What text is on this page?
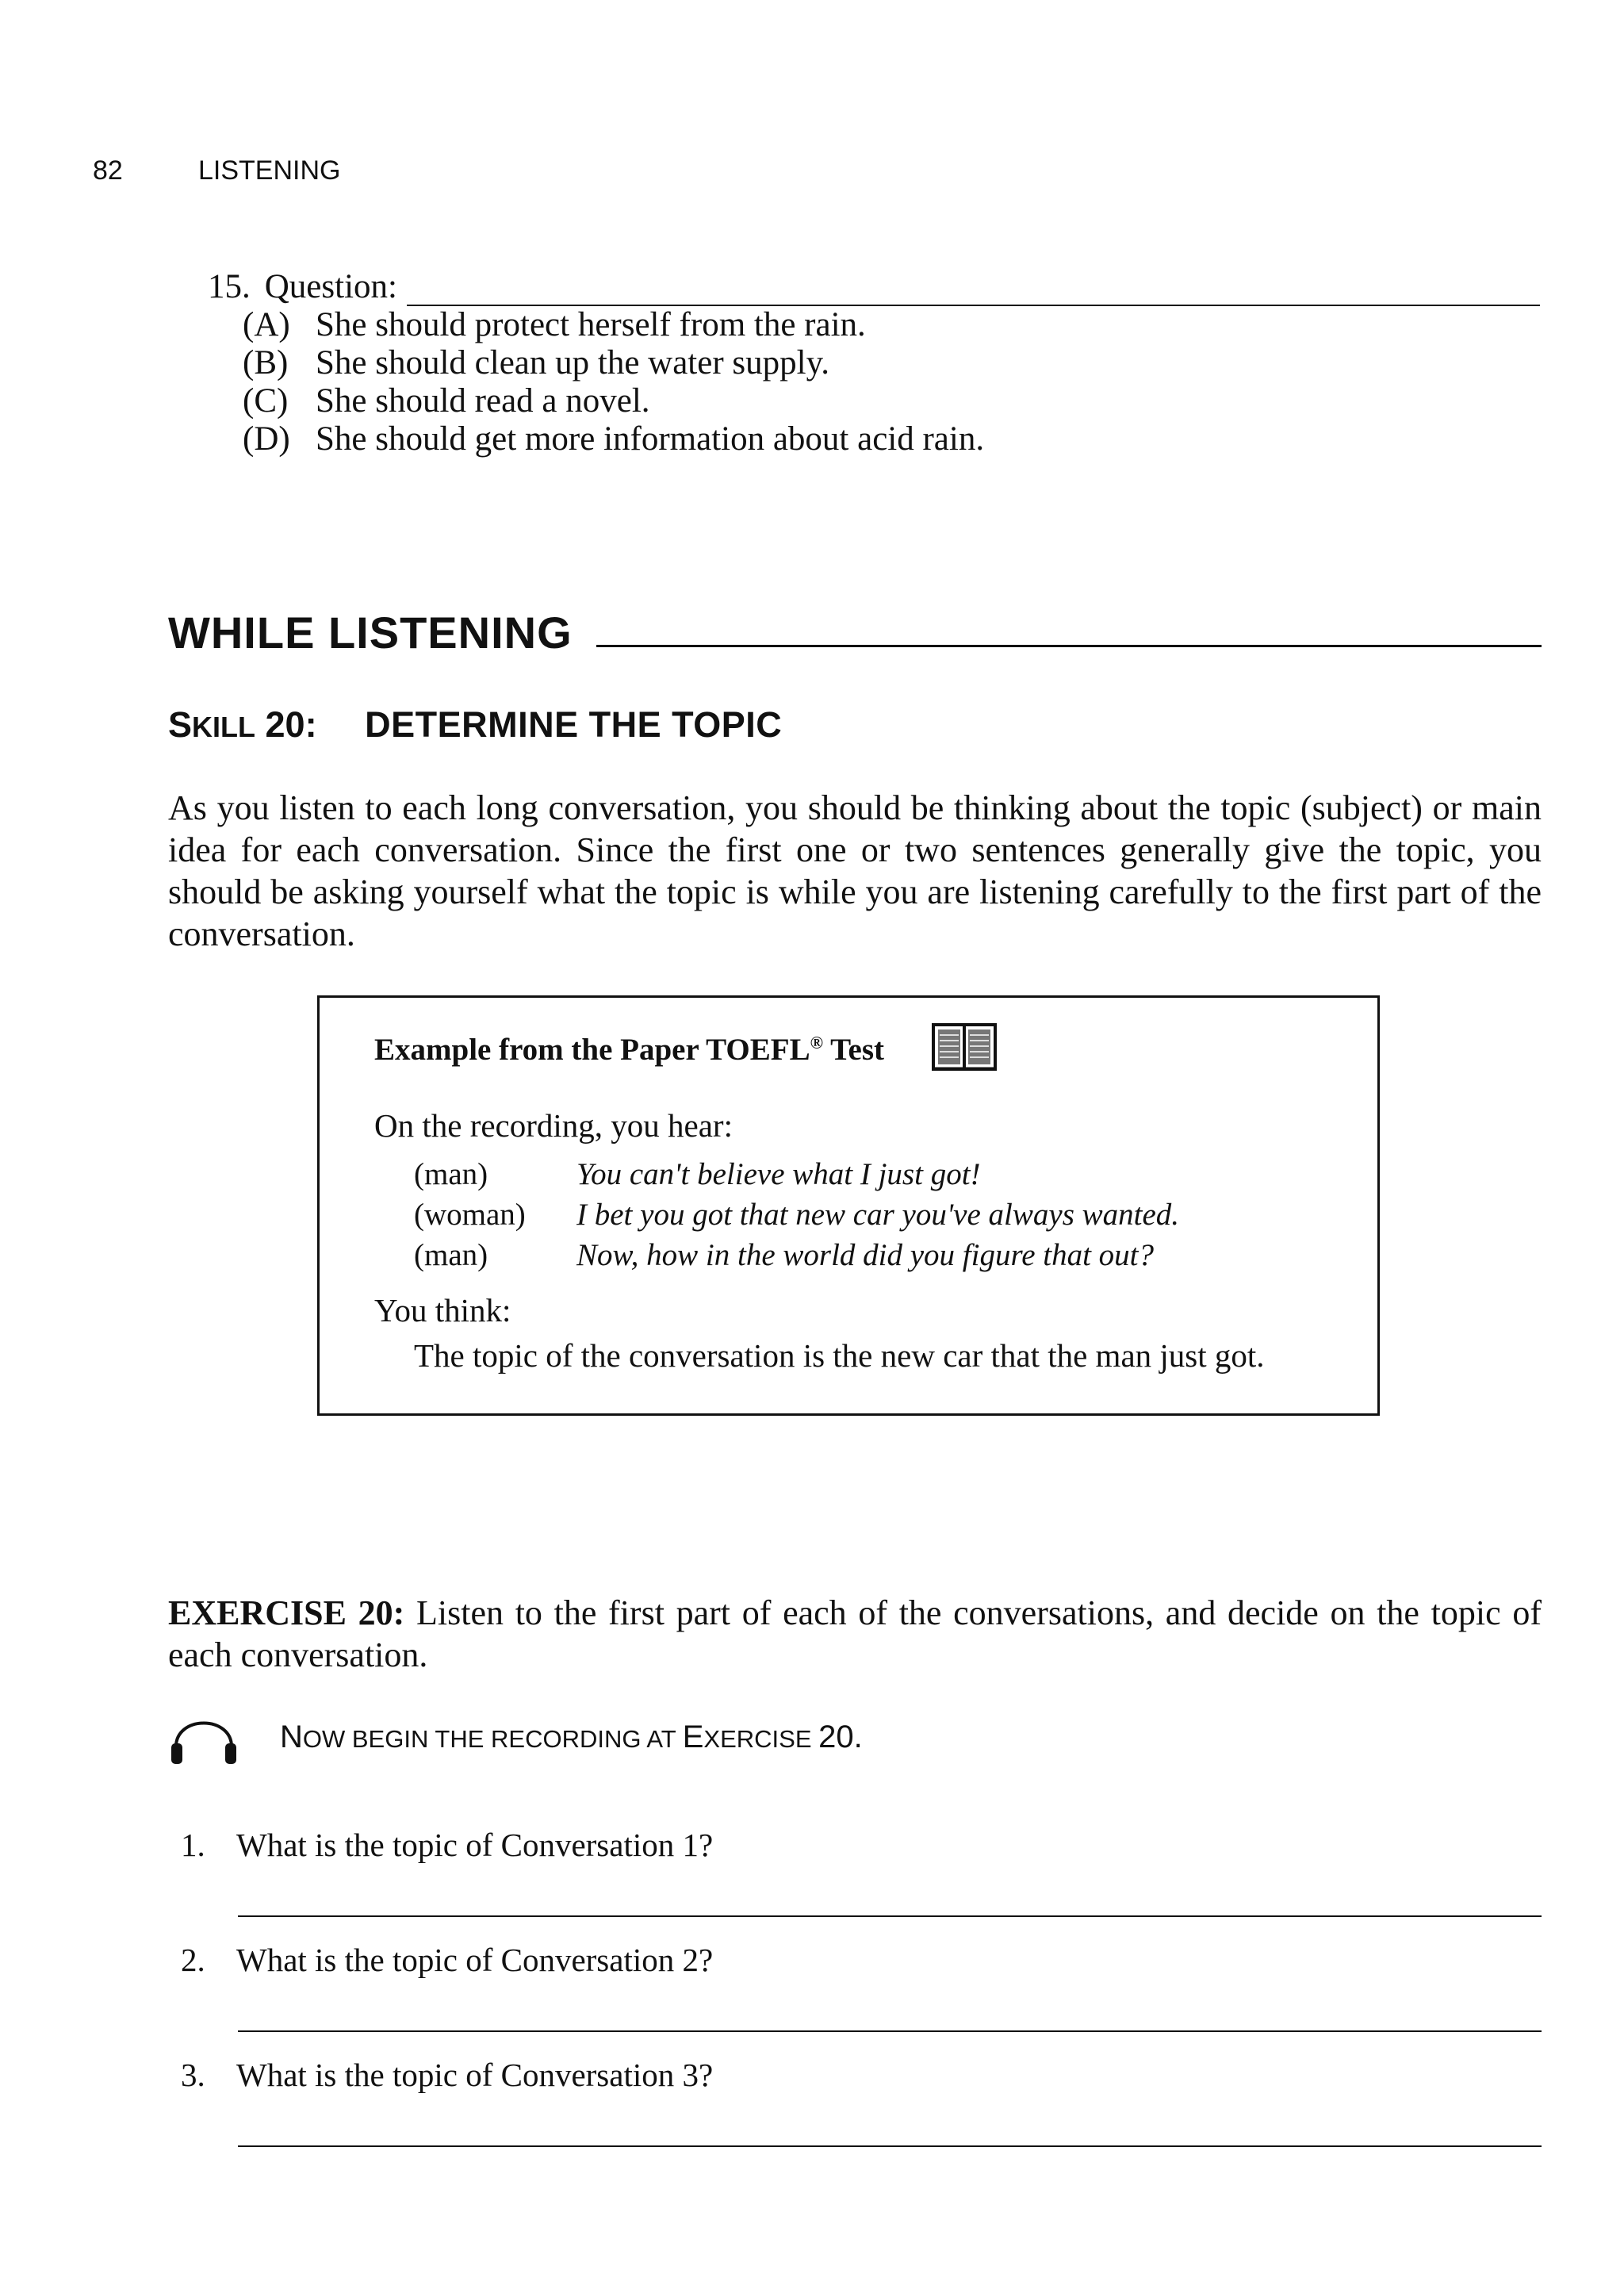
82	LISTENING
15. Question:
(A) She should protect herself from the rain.
(B) She should clean up the water supply.
(C) She should read a novel.
(D) She should get more information about acid rain.
WHILE LISTENING
SKILL 20: DETERMINE THE TOPIC
As you listen to each long conversation, you should be thinking about the topic (subject) or main idea for each conversation. Since the first one or two sentences generally give the topic, you should be asking yourself what the topic is while you are listening carefully to the first part of the conversation.
Example from the Paper TOEFL® Test
On the recording, you hear:
(man)	You can't believe what I just got!
(woman)	I bet you got that new car you've always wanted.
(man)	Now, how in the world did you figure that out?
You think:
The topic of the conversation is the new car that the man just got.
EXERCISE 20: Listen to the first part of each of the conversations, and decide on the topic of each conversation.
NOW BEGIN THE RECORDING AT EXERCISE 20.
1. What is the topic of Conversation 1?
2. What is the topic of Conversation 2?
3. What is the topic of Conversation 3?
